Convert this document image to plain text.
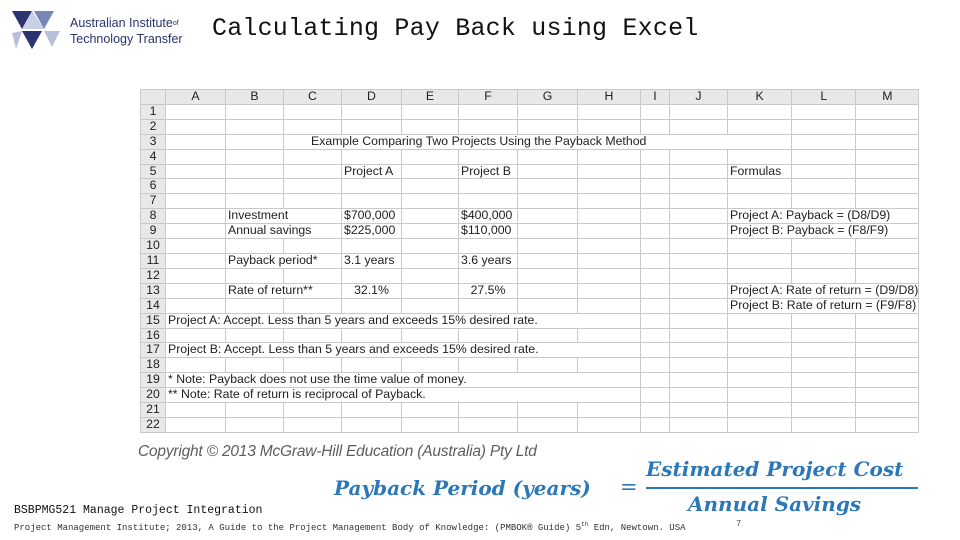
Australian Institute$^{of}$
Technology Transfer Calculating Pay Back using Excel
	A	B	C	D	E	F	G	H	I	J	K	L	M
1													
2													
3			Example Comparing Two Projects Using the Payback Method										
4													
5				Project A		Project B					Formulas		
6													
7													
8		Investment		$700,000		$400,000					Project A: Payback = (D8/D9)		
9		Annual savings		$225,000		$110,000					Project B: Payback = (F8/F9)		
10													
11		Payback period*		3.1 years		3.6 years							
12													
13		Rate of return**		32.1%		27.5%					Project A: Rate of return = (D9/D8)		
14											Project B: Rate of return = (F9/F8)		
15	Project A: Accept. Less than 5 years and exceeds 15% desired rate.												
16													
17	Project B: Accept. Less than 5 years and exceeds 15% desired rate.												
18													
19	* Note: Payback does not use the time value of money.												
20	** Note: Rate of return is reciprocal of Payback.												
21													
22													
Copyright © 2013 McGraw-Hill Education (Australia) Pty Ltd
Payback Period (years) =
Estimated Project Cost
Annual Savings
BSBPMG521 Manage Project Integration
Project Management Institute; 2013, A Guide to the Project Management Body of Knowledge: (PMBOK® Guide) 5th Edn, Newtown. USA	7
